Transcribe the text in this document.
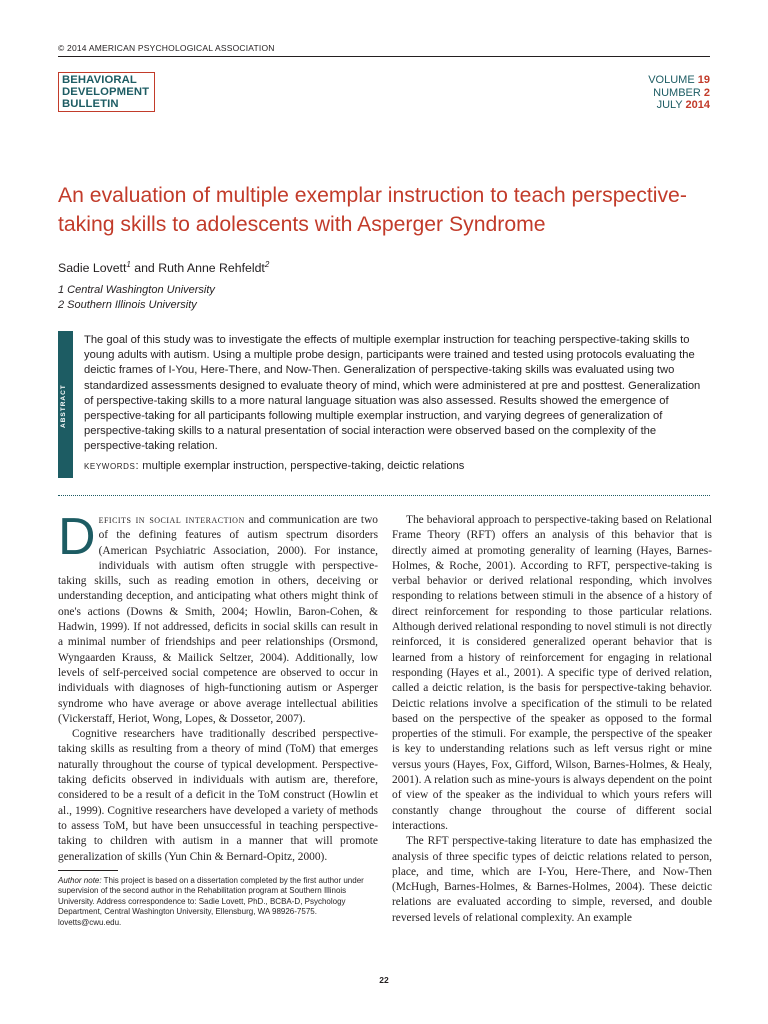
© 2014 AMERICAN PSYCHOLOGICAL ASSOCIATION
BEHAVIORAL
DEVELOPMENT
BULLETIN
VOLUME 19
NUMBER 2
JULY 2014
An evaluation of multiple exemplar instruction to teach perspective-taking skills to adolescents with Asperger Syndrome
Sadie Lovett$^1$ and Ruth Anne Rehfeldt$^2$
1 Central Washington University
2 Southern Illinois University
ABSTRACT
The goal of this study was to investigate the effects of multiple exemplar instruction for teaching perspective-taking skills to young adults with autism. Using a multiple probe design, participants were trained and tested using protocols evaluating the deictic frames of I-You, Here-There, and Now-Then. Generalization of perspective-taking skills was evaluated using two standardized assessments designed to evaluate theory of mind, which were administered at pre and posttest. Generalization of perspective-taking skills to a more natural language situation was also assessed. Results showed the emergence of perspective-taking for all participants following multiple exemplar instruction, and varying degrees of generalization of perspective-taking skills to a natural presentation of social interaction were observed based on the complexity of the perspective-taking relation.
keywords: multiple exemplar instruction, perspective-taking, deictic relations

Deficits in social interaction and communication are two of the defining features of autism spectrum disorders (American Psychiatric Association, 2000). For instance, individuals with autism often struggle with perspective-taking skills, such as reading emotion in others, deceiving or understanding deception, and anticipating what others might think of one's actions (Downs & Smith, 2004; Howlin, Baron-Cohen, & Hadwin, 1999). If not addressed, deficits in social skills can result in a minimal number of friendships and peer relationships (Orsmond, Wyngaarden Krauss, & Mailick Seltzer, 2004). Additionally, low levels of self-perceived social competence are observed to occur in individuals with diagnoses of high-functioning autism or Asperger syndrome who have average or above average intellectual abilities (Vickerstaff, Heriot, Wong, Lopes, & Dossetor, 2007).

Cognitive researchers have traditionally described perspective-taking skills as resulting from a theory of mind (ToM) that emerges naturally throughout the course of typical development. Perspective-taking deficits observed in individuals with autism are, therefore, considered to be a result of a deficit in the ToM construct (Howlin et al., 1999). Cognitive researchers have developed a variety of methods to assess ToM, but have been unsuccessful in teaching perspective-taking to children with autism in a manner that will promote generalization of skills (Yun Chin & Bernard-Opitz, 2000).

The behavioral approach to perspective-taking based on Relational Frame Theory (RFT) offers an analysis of this behavior that is directly aimed at promoting generality of learning (Hayes, Barnes-Holmes, & Roche, 2001). According to RFT, perspective-taking is verbal behavior or derived relational responding, which involves responding to relations between stimuli in the absence of a history of direct reinforcement for responding to those particular relations. Although derived relational responding to novel stimuli is not directly reinforced, it is considered generalized operant behavior that is learned from a history of reinforcement for engaging in relational responding (Hayes et al., 2001). A specific type of derived relation, called a deictic relation, is the basis for perspective-taking behavior. Deictic relations involve a specification of the stimuli to be related based on the perspective of the speaker as opposed to the formal properties of the stimuli. For example, the perspective of the speaker is key to understanding relations such as left versus right or mine versus yours (Hayes, Fox, Gifford, Wilson, Barnes-Holmes, & Healy, 2001). A relation such as mine-yours is always dependent on the point of view of the speaker as the individual to which yours refers will constantly change throughout the course of different social interactions.

The RFT perspective-taking literature to date has emphasized the analysis of three specific types of deictic relations related to person, place, and time, which are I-You, Here-There, and Now-Then (McHugh, Barnes-Holmes, & Barnes-Holmes, 2004). These deictic relations are evaluated according to simple, reversed, and double reversed levels of relational complexity. An example

Author note: This project is based on a dissertation completed by the first author under supervision of the second author in the Rehabilitation program at Southern Illinois University. Address correspondence to: Sadie Lovett, PhD., BCBA-D, Psychology Department, Central Washington University, Ellensburg, WA 98926-7575. lovetts@cwu.edu.
22
